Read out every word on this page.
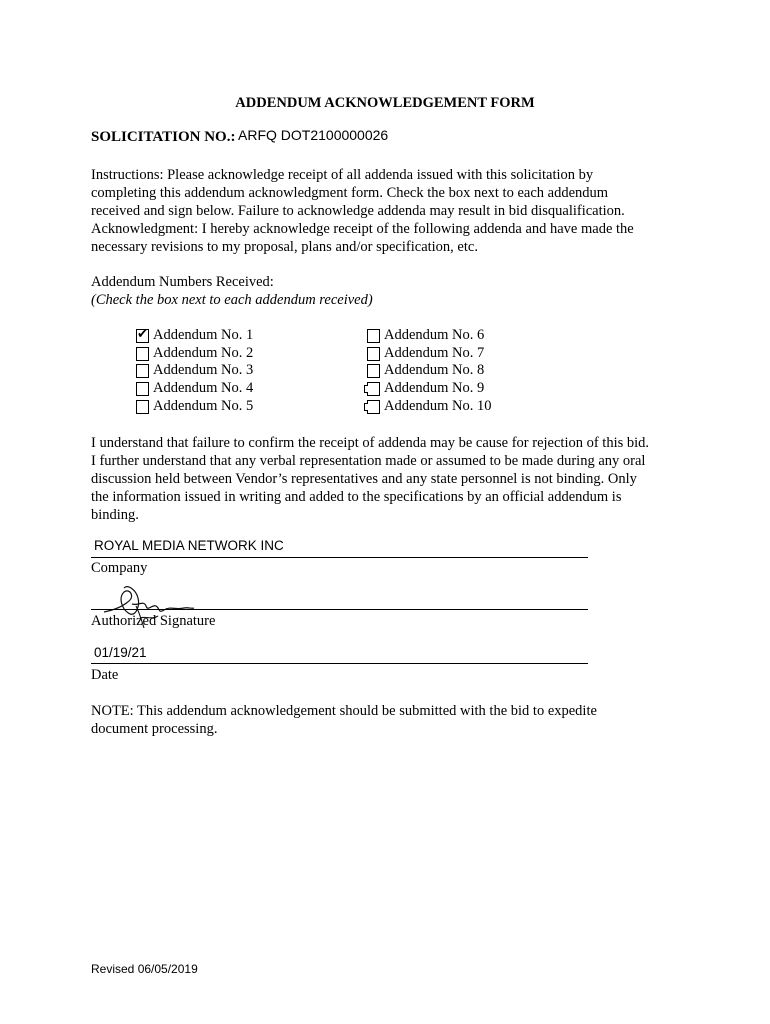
ADDENDUM ACKNOWLEDGEMENT FORM
SOLICITATION NO.: ARFQ DOT2100000026
Instructions: Please acknowledge receipt of all addenda issued with this solicitation by
completing this addendum acknowledgment form. Check the box next to each addendum
received and sign below. Failure to acknowledge addenda may result in bid disqualification.
Acknowledgment: I hereby acknowledge receipt of the following addenda and have made the
necessary revisions to my proposal, plans and/or specification, etc.
Addendum Numbers Received:
(Check the box next to each addendum received)
✔ Addendum No. 1
Addendum No. 2
Addendum No. 3
Addendum No. 4
Addendum No. 5
Addendum No. 6
Addendum No. 7
Addendum No. 8
Addendum No. 9
Addendum No. 10
I understand that failure to confirm the receipt of addenda may be cause for rejection of this bid.
I further understand that any verbal representation made or assumed to be made during any oral
discussion held between Vendor’s representatives and any state personnel is not binding. Only
the information issued in writing and added to the specifications by an official addendum is
binding.
ROYAL MEDIA NETWORK INC
Company
Authorized Signature
01/19/21
Date
NOTE: This addendum acknowledgement should be submitted with the bid to expedite
document processing.
Revised 06/05/2019
